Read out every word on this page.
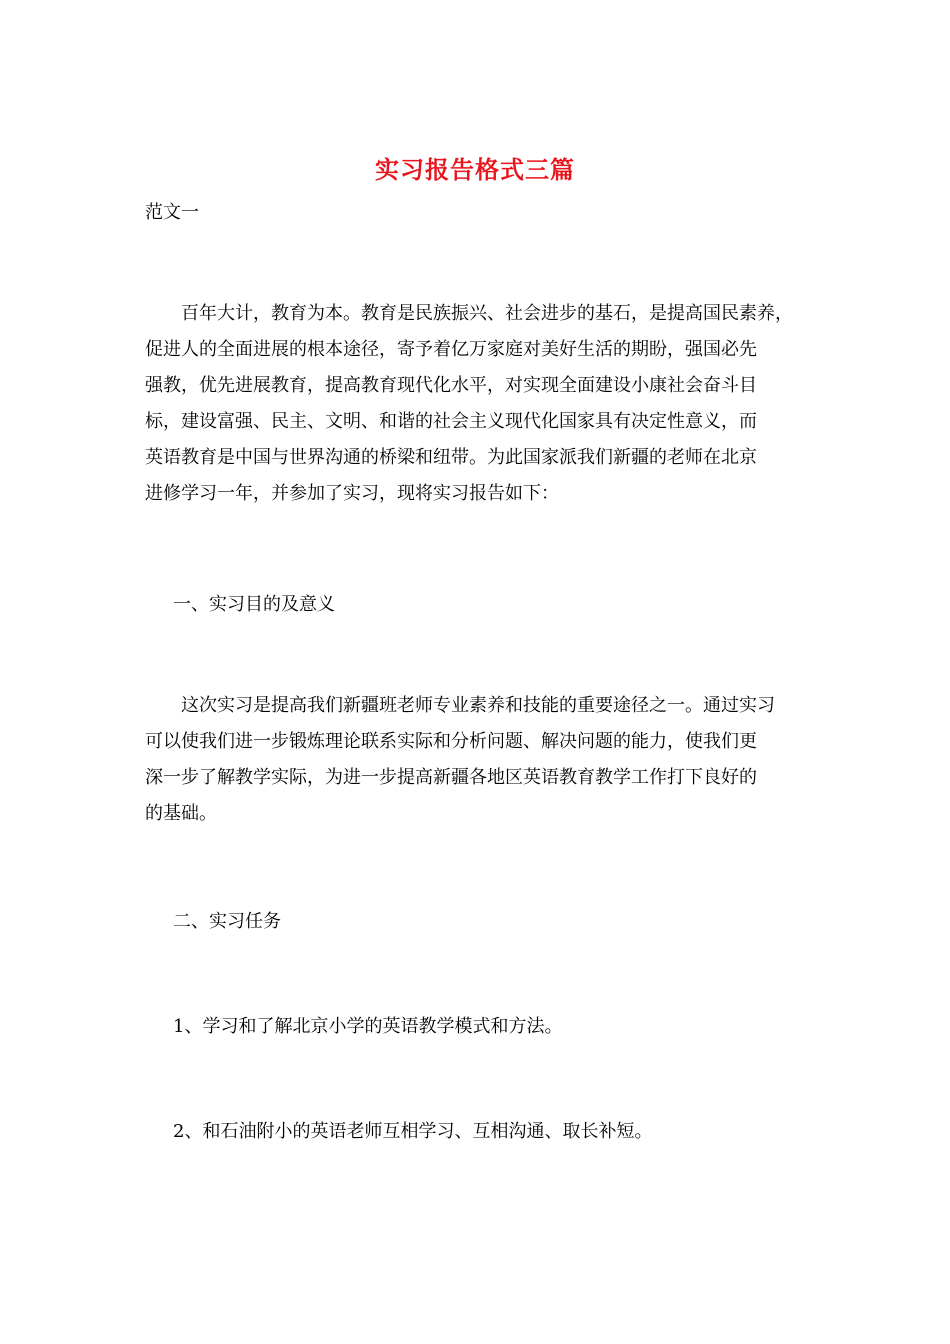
实习报告格式三篇
范文一
　　百年大计，教育为本。教育是民族振兴、社会进步的基石，是提高国民素养，
促进人的全面进展的根本途径，寄予着亿万家庭对美好生活的期盼，强国必先
强教，优先进展教育，提高教育现代化水平，对实现全面建设小康社会奋斗目
标，建设富强、民主、文明、和谐的社会主义现代化国家具有决定性意义，而
英语教育是中国与世界沟通的桥梁和纽带。为此国家派我们新疆的老师在北京
进修学习一年，并参加了实习，现将实习报告如下：
一、实习目的及意义
　　这次实习是提高我们新疆班老师专业素养和技能的重要途径之一。通过实习
可以使我们进一步锻炼理论联系实际和分析问题、解决问题的能力，使我们更
深一步了解教学实际，为进一步提高新疆各地区英语教育教学工作打下良好的
的基础。
二、实习任务
1、学习和了解北京小学的英语教学模式和方法。
2、和石油附小的英语老师互相学习、互相沟通、取长补短。
